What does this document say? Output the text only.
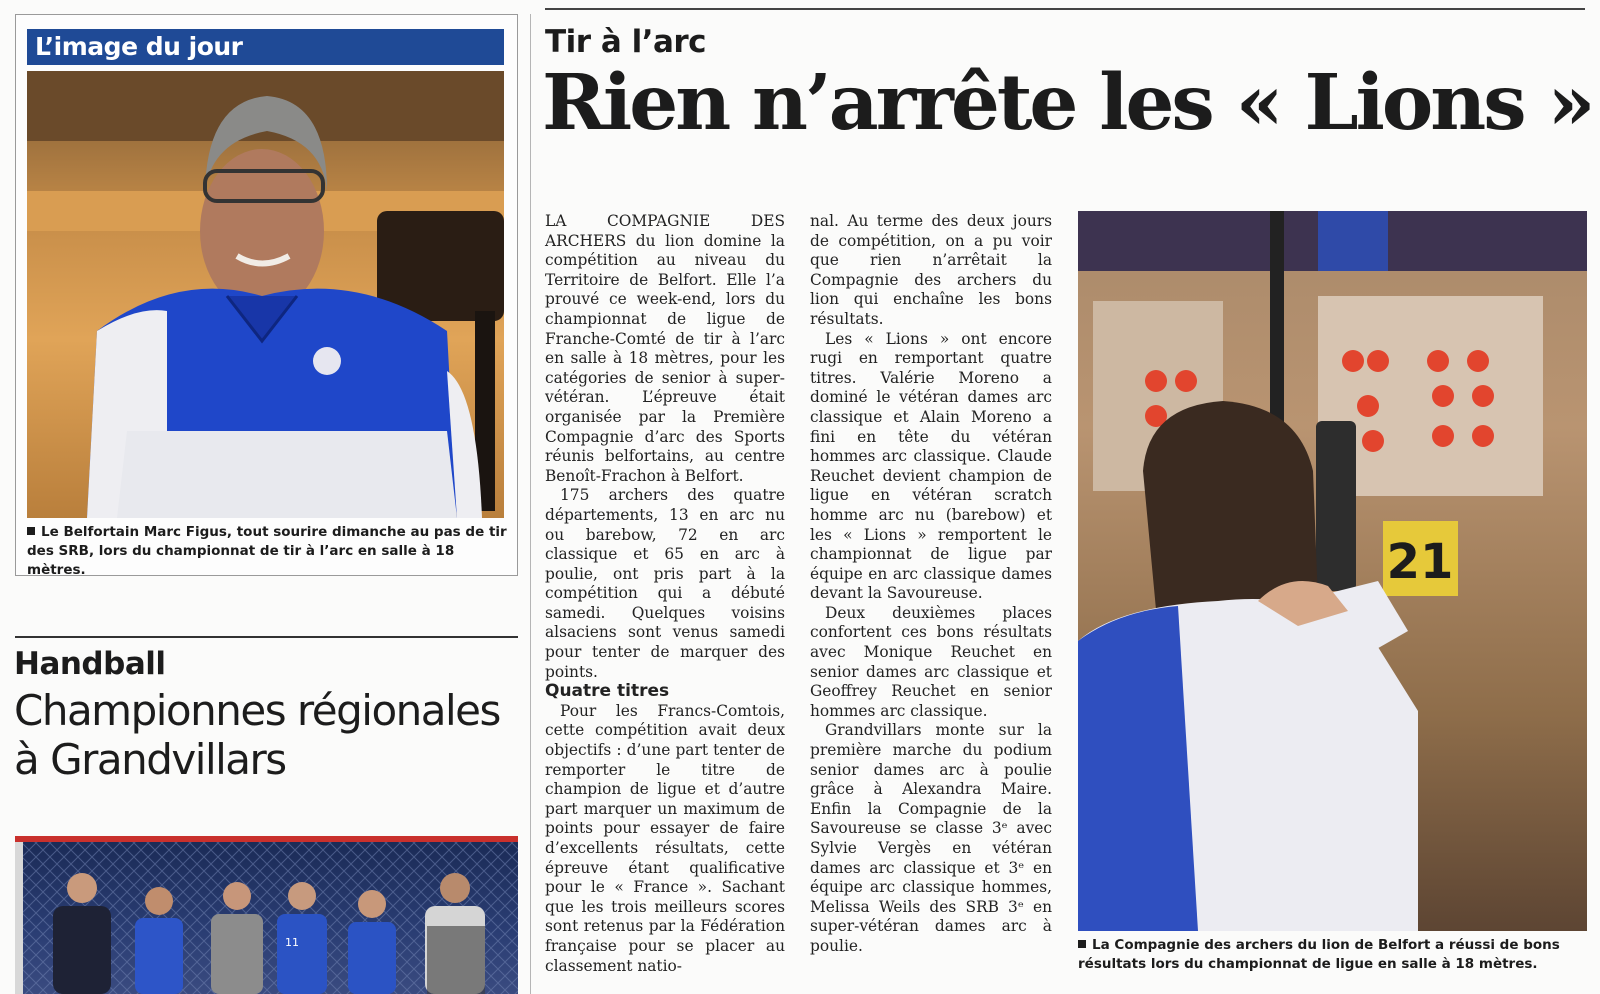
L’image du jour
Le Belfortain Marc Figus, tout sourire dimanche au pas de tir des SRB, lors du championnat de tir à l’arc en salle à 18 mètres.
Handball
Championnes régionales à Grandvillars
11
Tir à l’arc
Rien n’arrête les « Lions »

LA COMPAGNIE DES ARCHERS du lion domine la compétition au niveau du Territoire de Belfort. Elle l’a prouvé ce week-end, lors du championnat de ligue de Franche-Comté de tir à l’arc en salle à 18 mètres, pour les catégories de senior à super-vétéran. L’épreuve était organisée par la Première Compagnie d’arc des Sports réunis belfortains, au centre Benoît-Frachon à Belfort.

175 archers des quatre départements, 13 en arc nu ou barebow, 72 en arc classique et 65 en arc à poulie, ont pris part à la compétition qui a débuté samedi. Quelques voisins alsaciens sont venus samedi pour tenter de marquer des points.

Quatre titres

Pour les Francs-Comtois, cette compétition avait deux objectifs : d’une part tenter de remporter le titre de champion de ligue et d’autre part marquer un maximum de points pour essayer de faire d’excellents résultats, cette épreuve étant qualificative pour le « France ». Sachant que les trois meilleurs scores sont retenus par la Fédération française pour se placer au classement natio-

nal. Au terme des deux jours de compétition, on a pu voir que rien n’arrêtait la Compagnie des archers du lion qui enchaîne les bons résultats.

Les « Lions » ont encore rugi en remportant quatre titres. Valérie Moreno a dominé le vétéran dames arc classique et Alain Moreno a fini en tête du vétéran hommes arc classique. Claude Reuchet devient champion de ligue en vétéran scratch homme arc nu (barebow) et les « Lions » remportent le championnat de ligue par équipe en arc classique dames devant la Savoureuse.

Deux deuxièmes places confortent ces bons résultats avec Monique Reuchet en senior dames arc classique et Geoffrey Reuchet en senior hommes arc classique.

Grandvillars monte sur la première marche du podium senior dames arc à poulie grâce à Alexandra Maire. Enfin la Compagnie de la Savoureuse se classe 3ᵉ avec Sylvie Vergès en vétéran dames arc classique et 3ᵉ en équipe arc classique hommes, Melissa Weils des SRB 3ᵉ en super-vétéran dames arc à poulie.

21
La Compagnie des archers du lion de Belfort a réussi de bons résultats lors du championnat de ligue en salle à 18 mètres.
